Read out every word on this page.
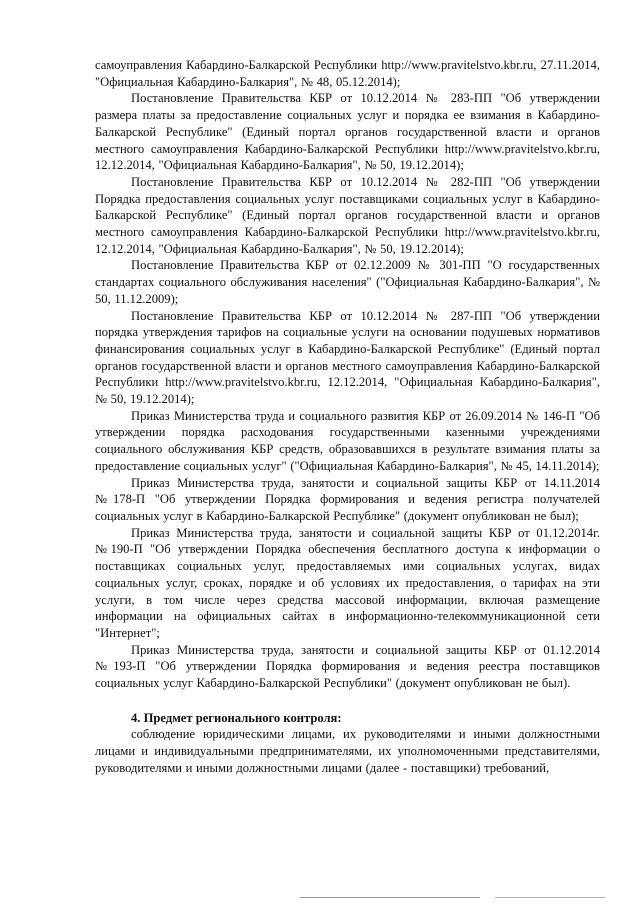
самоуправления Кабардино-Балкарской Республики http://www.pravitelstvo.kbr.ru, 27.11.2014, "Официальная Кабардино-Балкария", № 48, 05.12.2014);

Постановление Правительства КБР от 10.12.2014 № 283-ПП "Об утверждении размера платы за предоставление социальных услуг и порядка ее взимания в Кабардино-Балкарской Республике" (Единый портал органов государственной власти и органов местного самоуправления Кабардино-Балкарской Республики http://www.pravitelstvo.kbr.ru, 12.12.2014, "Официальная Кабардино-Балкария", № 50, 19.12.2014);

Постановление Правительства КБР от 10.12.2014 № 282-ПП "Об утверждении Порядка предоставления социальных услуг поставщиками социальных услуг в Кабардино-Балкарской Республике" (Единый портал органов государственной власти и органов местного самоуправления Кабардино-Балкарской Республики http://www.pravitelstvo.kbr.ru, 12.12.2014, "Официальная Кабардино-Балкария", № 50, 19.12.2014);

Постановление Правительства КБР от 02.12.2009 № 301-ПП "О государственных стандартах социального обслуживания населения" ("Официальная Кабардино-Балкария", № 50, 11.12.2009);

Постановление Правительства КБР от 10.12.2014 № 287-ПП "Об утверждении порядка утверждения тарифов на социальные услуги на основании подушевых нормативов финансирования социальных услуг в Кабардино-Балкарской Республике" (Единый портал органов государственной власти и органов местного самоуправления Кабардино-Балкарской Республики http://www.pravitelstvo.kbr.ru, 12.12.2014, "Официальная Кабардино-Балкария", № 50, 19.12.2014);

Приказ Министерства труда и социального развития КБР от 26.09.2014 № 146-П "Об утверждении порядка расходования государственными казенными учреждениями социального обслуживания КБР средств, образовавшихся в результате взимания платы за предоставление социальных услуг" ("Официальная Кабардино-Балкария", № 45, 14.11.2014);

Приказ Министерства труда, занятости и социальной защиты КБР от 14.11.2014 №178-П "Об утверждении Порядка формирования и ведения регистра получателей социальных услуг в Кабардино-Балкарской Республике" (документ опубликован не был);

Приказ Министерства труда, занятости и социальной защиты КБР от 01.12.2014г. №190-П "Об утверждении Порядка обеспечения бесплатного доступа к информации о поставщиках социальных услуг, предоставляемых ими социальных услугах, видах социальных услуг, сроках, порядке и об условиях их предоставления, о тарифах на эти услуги, в том числе через средства массовой информации, включая размещение информации на официальных сайтах в информационно-телекоммуникационной сети "Интернет";

Приказ Министерства труда, занятости и социальной защиты КБР от 01.12.2014 №193-П "Об утверждении Порядка формирования и ведения реестра поставщиков социальных услуг Кабардино-Балкарской Республики" (документ опубликован не был).

4. Предмет регионального контроля:

соблюдение юридическими лицами, их руководителями и иными должностными лицами и индивидуальными предпринимателями, их уполномоченными представителями, руководителями и иными должностными лицами (далее - поставщики) требований,
